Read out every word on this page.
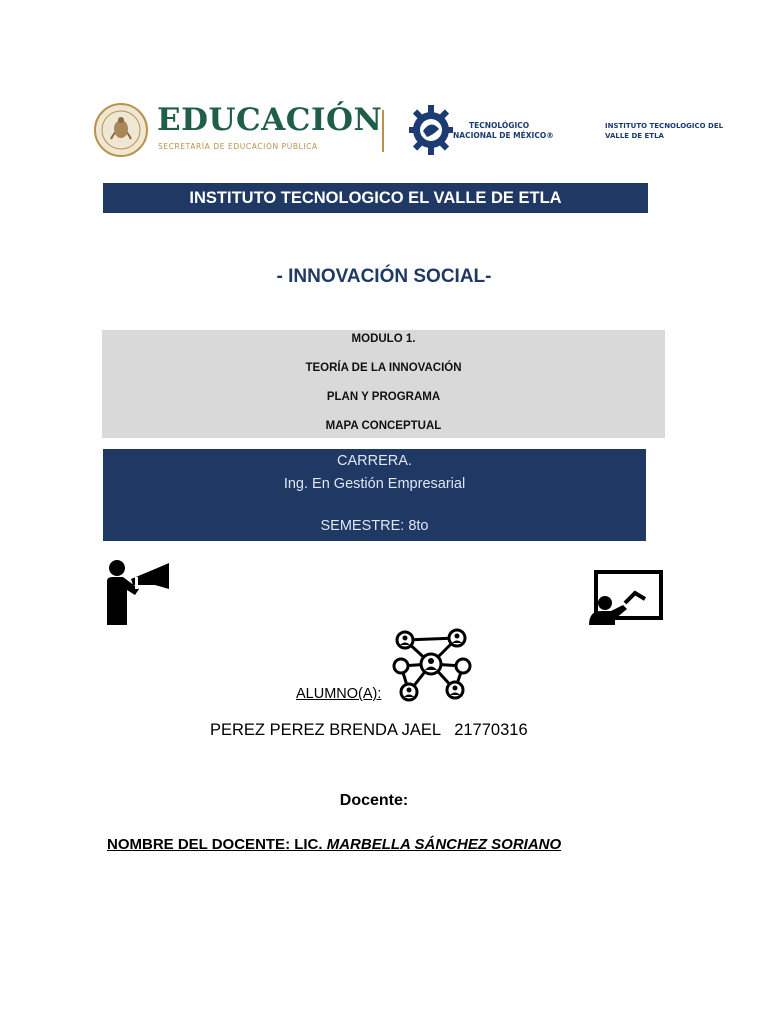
EDUCACIÓN
SECRETARÍA DE EDUCACIÓN PÚBLICA
TECNOLÓGICO
NACIONAL DE MÉXICO®
INSTITUTO TECNOLOGICO DEL
VALLE DE ETLA
INSTITUTO TECNOLOGICO EL VALLE DE ETLA
- INNOVACIÓN SOCIAL-
MODULO 1.
TEORÍA DE LA INNOVACIÓN
PLAN Y PROGRAMA
MAPA CONCEPTUAL
CARRERA.
Ing. En Gestión Empresarial
SEMESTRE: 8to
ALUMNO(A):
PEREZ PEREZ BRENDA JAEL   21770316
Docente:
NOMBRE DEL DOCENTE: LIC. MARBELLA SÁNCHEZ SORIANO
